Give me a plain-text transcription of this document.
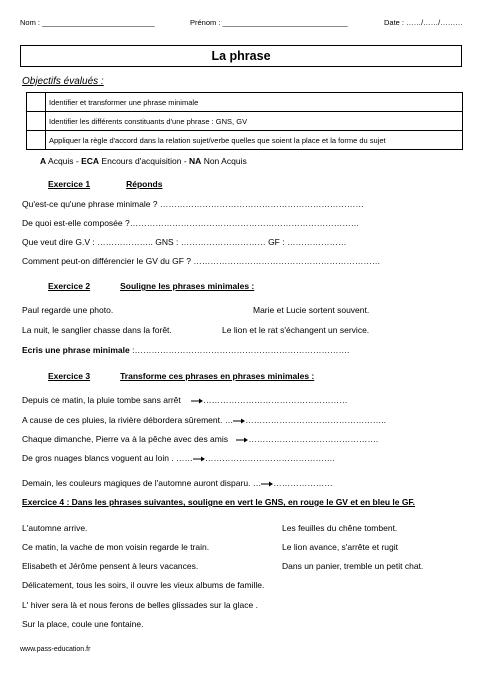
Nom : ___________________________	Prénom : ______________________________	Date : ……/……/………
La phrase
Objectifs évalués :
	Identifier et transformer une phrase minimale
	Identifier les différents constituants d'une phrase : GNS, GV
	Appliquer la règle d'accord dans la relation sujet/verbe quelles que soient la place et la forme du sujet
A Acquis - ECA Encours d'acquisition - NA Non Acquis
Exercice 1	Réponds
Qu'est-ce qu'une phrase minimale ? ………………………………………………………………
De quoi est-elle composée ?………………………………………………………………………
Que veut dire G.V : ……………….. GNS : ………………………… GF : …………………
Comment peut-on différencier le GV du GF ? …………………………………………………………
Exercice 2	Souligne les phrases minimales :
Paul regarde une photo.	Marie et Lucie sortent souvent.
La nuit, le sanglier chasse dans la forêt.	Le lion et le rat s'échangent un service.
Ecris une phrase minimale :………………………………………………………………….
Exercice 3	Transforme ces phrases en phrases minimales :
Depuis ce matin, la pluie tombe sans arrêt	……………………………………………
A cause de ces pluies, la rivière débordera sûrement. … …………………………………………..
Chaque dimanche, Pierre va à la pêche avec des amis ……………………………………….
De gros nuages blancs voguent au loin . …… ……………………………………….
Demain, les couleurs magiques de l'automne auront disparu. … …………………
Exercice 4 : Dans les phrases suivantes, souligne en vert le GNS, en rouge le GV et en bleu le GF.
L'automne arrive.	Les feuilles du chêne tombent.
Ce matin, la vache de mon voisin regarde le train.	Le lion avance, s'arrête et rugit
Elisabeth et Jérôme pensent à leurs vacances.	Dans un panier, tremble un petit chat.
Délicatement, tous les soirs, il ouvre les vieux albums de famille.
L' hiver sera là et nous ferons de belles glissades sur la glace .
Sur la place, coule une fontaine.
www.pass-education.fr
